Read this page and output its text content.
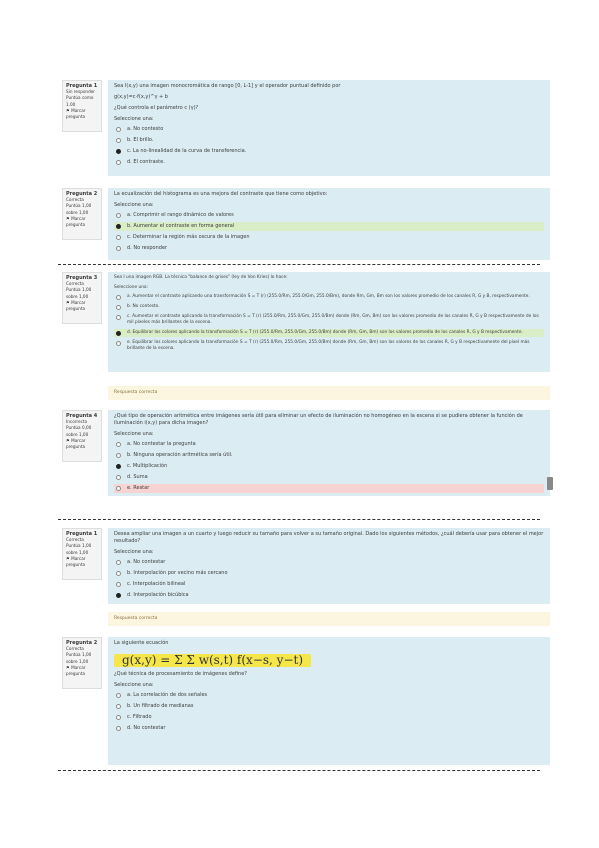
Pregunta 1
Sin responder
Puntúa como
1.00
⚑ Marcar pregunta

Sea I(x,y) una imagen monocromática de rango [0, L-1] y el operador puntual definido por

g(x,y)=c·f(x,y)^γ + b

¿Qué controla el parámetro c (γ)?

Seleccione una:
a. No contesto
b. El brillo.
c. La no-linealidad de la curva de transferencia.
d. El contraste.
Pregunta 2
Correcta
Puntúa 1,00
sobre 1,00
⚑ Marcar pregunta

La ecualización del histograma es una mejora del contraste que tiene como objetivo:

Seleccione una:
a. Comprimir el rango dinámico de valores
b. Aumentar el contraste en forma general
c. Determinar la región más oscura de la imagen
d. No responder
Pregunta 3
Correcta
Puntúa 1,00
sobre 1,00
⚑ Marcar pregunta

Sea I una imagen RGB. La técnica "balance de grises" (ley de Von Kries) lo hace:

Seleccione una:
a. Aumentar el contraste aplicando una transformación S = T (r) (255.0/Rm, 255.0/Gm, 255.0/Bm), donde Rm, Gm, Bm son los valores promedio de los canales R, G y B, respectivamente.
b. No contesto.
c. Aumentar el contraste aplicando la transformación S = T (r) (255.0/Rm, 255.0/Gm, 255.0/Bm) donde (Rm, Gm, Bm) son los valores promedio de los canales R, G y B respectivamente de los mil píxeles más brillantes de la escena.
d. Equilibrar los colores aplicando la transformación S = T (r) (255.0/Rm, 255.0/Gm, 255.0/Bm) donde (Rm, Gm, Bm) son los valores promedio de los canales R, G y B respectivamente.
e. Equilibrar los colores aplicando la transformación S = T (r) (255.0/Rm, 255.0/Gm, 255.0/Bm) donde (Rm, Gm, Bm) son los valores de los canales R, G y B respectivamente del píxel más brillante de la escena.
Respuesta correcta
Pregunta 4
Incorrecta
Puntúa 0,00
sobre 1,00
⚑ Marcar pregunta

¿Qué tipo de operación aritmética entre imágenes sería útil para eliminar un efecto de iluminación no homogéneo en la escena si se pudiera obtener la función de iluminación i(x,y) para dicha imagen?

Seleccione una:
a. No contestar la pregunta
b. Ninguna operación aritmética sería útil.
c. Multiplicación
d. Suma
e. Restar
Pregunta 1
Correcta
Puntúa 1,00
sobre 1,00
⚑ Marcar pregunta

Desea ampliar una imagen a un cuarto y luego reducir su tamaño para volver a su tamaño original. Dado los siguientes métodos, ¿cuál debería usar para obtener el mejor resultado?

Seleccione una:
a. No contestar
b. Interpolación por vecino más cercano
c. Interpolación bilineal
d. Interpolación bicúbica
Respuesta correcta
Pregunta 2
Correcta
Puntúa 1,00
sobre 1,00
⚑ Marcar pregunta

La siguiente ecuación

g(x,y) = Σ Σ w(s,t) f(x−s, y−t)

¿Qué técnica de procesamiento de imágenes define?

Seleccione una:
a. La correlación de dos señales
b. Un filtrado de medianas
c. Filtrado
d. No contestar
